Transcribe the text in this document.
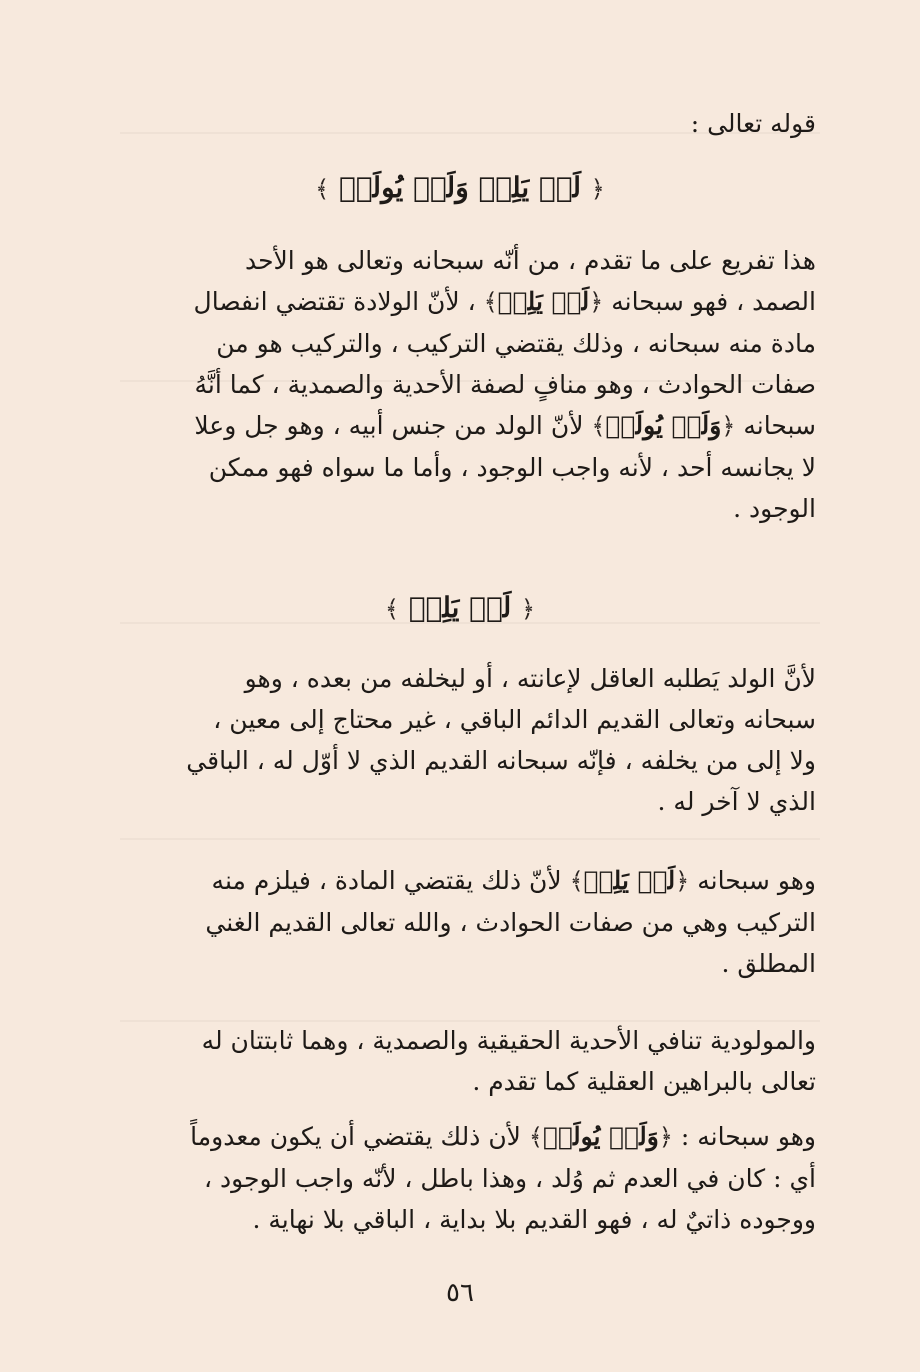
قوله تعالى :
﴿ لَمۡ يَلِدۡ وَلَمۡ يُولَدۡ ﴾
هذا تفريع على ما تقدم ، من أنّه سبحانه وتعالى هو الأحد
الصمد ، فهو سبحانه ﴿لَمۡ يَلِدۡ﴾ ، لأنّ الولادة تقتضي انفصال
مادة منه سبحانه ، وذلك يقتضي التركيب ، والتركيب هو من
صفات الحوادث ، وهو منافٍ لصفة الأحدية والصمدية ، كما أنَّهُ
سبحانه ﴿وَلَمۡ يُولَدۡ﴾ لأنّ الولد من جنس أبيه ، وهو جل وعلا
لا يجانسه أحد ، لأنه واجب الوجود ، وأما ما سواه فهو ممكن
الوجود .
﴿ لَمۡ يَلِدۡ ﴾
لأنَّ الولد يَطلبه العاقل لإعانته ، أو ليخلفه من بعده ، وهو
سبحانه وتعالى القديم الدائم الباقي ، غير محتاج إلى معين ،
ولا إلى من يخلفه ، فإنّه سبحانه القديم الذي لا أوّل له ، الباقي
الذي لا آخر له .
وهو سبحانه ﴿لَمۡ يَلِدۡ﴾ لأنّ ذلك يقتضي المادة ، فيلزم منه
التركيب وهي من صفات الحوادث ، والله تعالى القديم الغني
المطلق .
والمولودية تنافي الأحدية الحقيقية والصمدية ، وهما ثابتتان له
تعالى بالبراهين العقلية كما تقدم .
وهو سبحانه : ﴿وَلَمۡ يُولَدۡ﴾ لأن ذلك يقتضي أن يكون معدوماً
أي : كان في العدم ثم وُلد ، وهذا باطل ، لأنّه واجب الوجود ،
ووجوده ذاتيٌ له ، فهو القديم بلا بداية ، الباقي بلا نهاية .
٥٦
